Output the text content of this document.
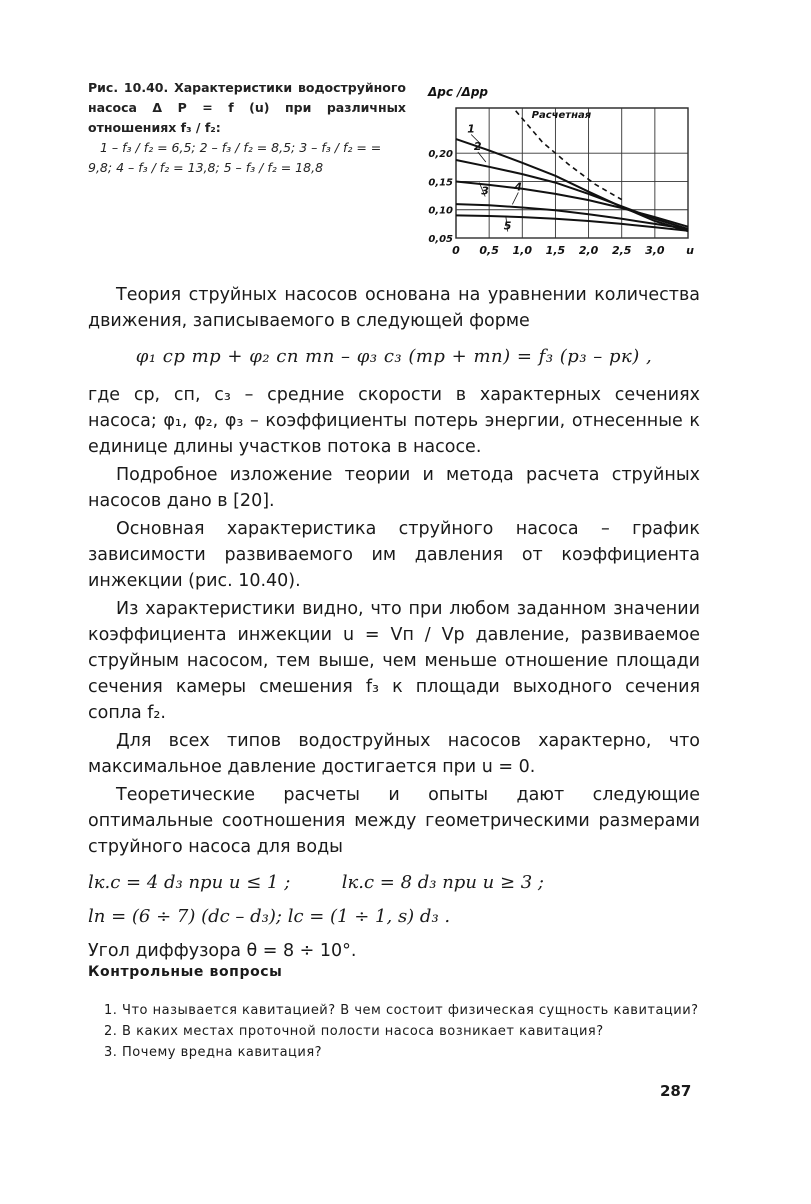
Рис. 10.40. Характеристики водоструйного насоса Δ P = f (u) при различных отношениях f₃ / f₂:
1 – f₃ / f₂ = 6,5; 2 – f₃ / f₂ = 8,5; 3 – f₃ / f₂ = = 9,8; 4 – f₃ / f₂ = 13,8; 5 – f₃ / f₂ = 18,8
0 0,5 1,0 1,5 2,0 2,5 3,0 u
0,05
0,10
0,15
0,20
Δpc /Δpp
Расчетная
1
2
3 4
5

Теория струйных насосов основана на уравнении количества движения, записываемого в следующей форме

φ₁ cp mp + φ₂ cп mп – φ₃ c₃ (mp + mп) = f₃ (p₃ – pк) ,

где cp, cп, c₃ – средние скорости в характерных сечениях насоса; φ₁, φ₂, φ₃ – коэффициенты потерь энергии, отнесенные к единице длины участков потока в насосе.

Подробное изложение теории и метода расчета струйных насосов дано в [20].

Основная характеристика струйного насоса – график зависимости развиваемого им давления от коэффициента инжекции (рис. 10.40).

Из характеристики видно, что при любом заданном значении коэффициента инжекции u = Vп / Vp давление, развиваемое струйным насосом, тем выше, чем меньше отношение площади сечения камеры смешения f₃ к площади выходного сечения сопла f₂.

Для всех типов водоструйных насосов характерно, что максимальное давление достигается при u = 0.

Теоретические расчеты и опыты дают следующие оптимальные соотношения между геометрическими размерами струйного насоса для воды

lк.с = 4 d₃ при u ≤ 1 ;	lк.с = 8 d₃ при u ≥ 3 ;
lп = (6 ÷ 7) (dc – d₃); lc = (1 ÷ 1, s) d₃ .
Угол диффузора θ = 8 ÷ 10°.
Контрольные вопросы

1. Что называется кавитацией? В чем состоит физическая сущность кавитации?

2. В каких местах проточной полости насоса возникает кавитация?

3. Почему вредна кавитация?

287
